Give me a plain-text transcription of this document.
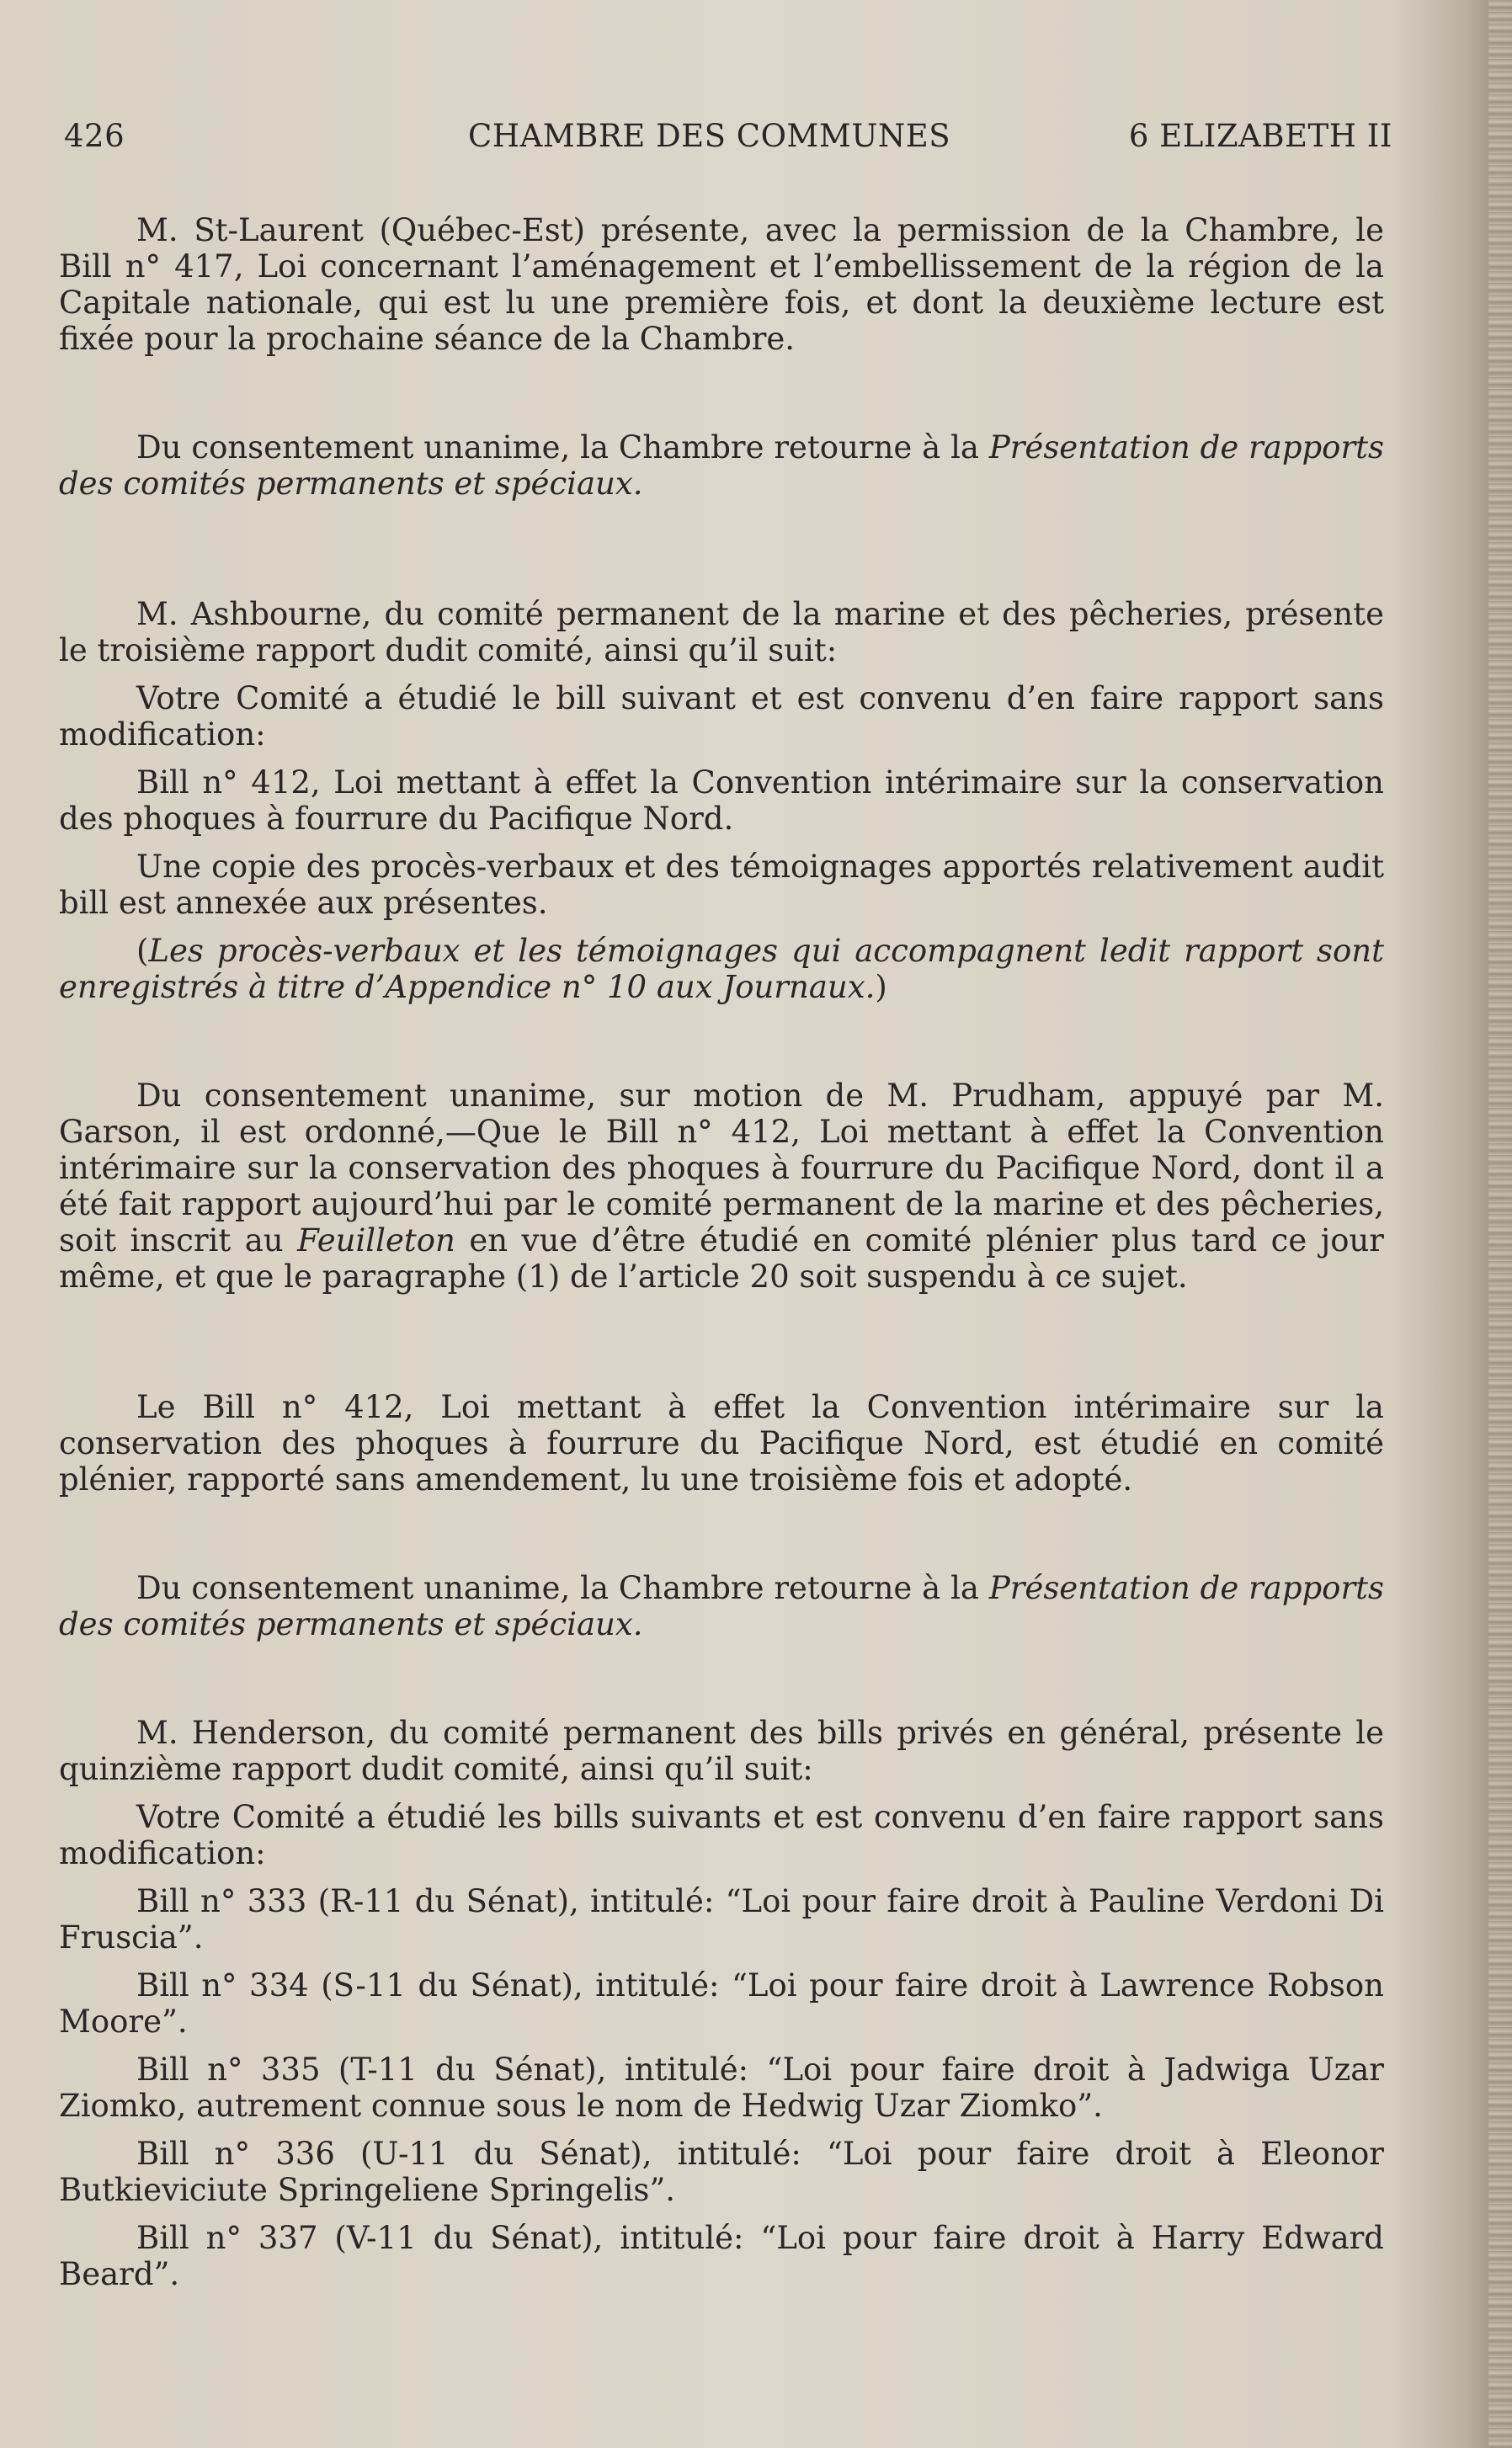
426	CHAMBRE DES COMMUNES	6 ELIZABETH II

M. St-Laurent (Québec-Est) présente, avec la permission de la Chambre, le Bill n° 417, Loi concernant l’aménagement et l’embellissement de la région de la Capitale nationale, qui est lu une première fois, et dont la deuxième lecture est fixée pour la prochaine séance de la Chambre.

Du consentement unanime, la Chambre retourne à la Présentation de rapports des comités permanents et spéciaux.

M. Ashbourne, du comité permanent de la marine et des pêcheries, présente le troisième rapport dudit comité, ainsi qu’il suit:

Votre Comité a étudié le bill suivant et est convenu d’en faire rapport sans modification:

Bill n° 412, Loi mettant à effet la Convention intérimaire sur la conservation des phoques à fourrure du Pacifique Nord.

Une copie des procès-verbaux et des témoignages apportés relativement audit bill est annexée aux présentes.

(Les procès-verbaux et les témoignages qui accompagnent ledit rapport sont enregistrés à titre d’Appendice n° 10 aux Journaux.)

Du consentement unanime, sur motion de M. Prudham, appuyé par M. Garson, il est ordonné,—Que le Bill n° 412, Loi mettant à effet la Convention intérimaire sur la conservation des phoques à fourrure du Pacifique Nord, dont il a été fait rapport aujourd’hui par le comité permanent de la marine et des pêcheries, soit inscrit au Feuilleton en vue d’être étudié en comité plénier plus tard ce jour même, et que le paragraphe (1) de l’article 20 soit suspendu à ce sujet.

Le Bill n° 412, Loi mettant à effet la Convention intérimaire sur la conservation des phoques à fourrure du Pacifique Nord, est étudié en comité plénier, rapporté sans amendement, lu une troisième fois et adopté.

Du consentement unanime, la Chambre retourne à la Présentation de rapports des comités permanents et spéciaux.

M. Henderson, du comité permanent des bills privés en général, présente le quinzième rapport dudit comité, ainsi qu’il suit:

Votre Comité a étudié les bills suivants et est convenu d’en faire rapport sans modification:

Bill n° 333 (R-11 du Sénat), intitulé: “Loi pour faire droit à Pauline Verdoni Di Fruscia”.

Bill n° 334 (S-11 du Sénat), intitulé: “Loi pour faire droit à Lawrence Robson Moore”.

Bill n° 335 (T-11 du Sénat), intitulé: “Loi pour faire droit à Jadwiga Uzar Ziomko, autrement connue sous le nom de Hedwig Uzar Ziomko”.

Bill n° 336 (U-11 du Sénat), intitulé: “Loi pour faire droit à Eleonor Butkieviciute Springeliene Springelis”.

Bill n° 337 (V-11 du Sénat), intitulé: “Loi pour faire droit à Harry Edward Beard”.
